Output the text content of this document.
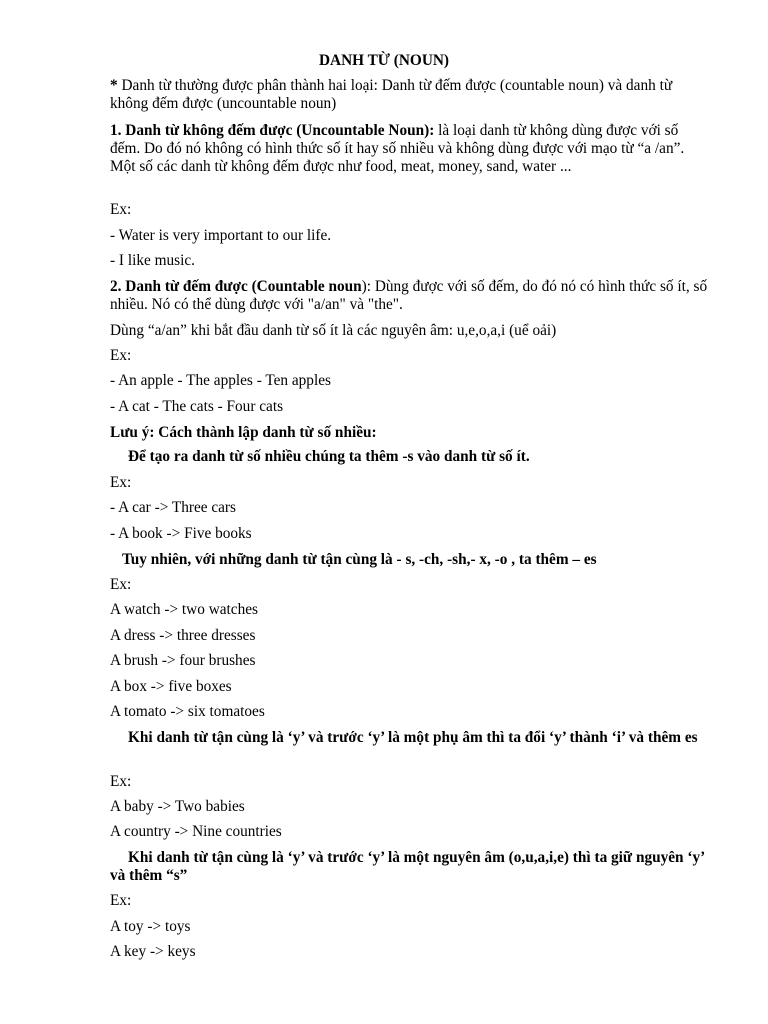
DANH TỪ (NOUN)
* Danh từ thường được phân thành hai loại: Danh từ đếm được (countable noun) và danh từ không đếm được (uncountable noun)
1. Danh từ không đếm được (Uncountable Noun): là loại danh từ không dùng được với số đếm. Do đó nó không có hình thức số ít hay số nhiều và không dùng được với mạo từ “a /an”. Một số các danh từ không đếm được như food, meat, money, sand, water ...
Ex:
- Water is very important to our life.
- I like music.
2. Danh từ đếm được (Countable noun): Dùng được với số đếm, do đó nó có hình thức số ít, số nhiều. Nó có thể dùng được với "a/an" và "the".
Dùng “a/an” khi bắt đầu danh từ số ít là các nguyên âm: u,e,o,a,i (uể oải)
Ex:
- An apple - The apples - Ten apples
- A cat - The cats - Four cats
Lưu ý: Cách thành lập danh từ số nhiều:
Để tạo ra danh từ số nhiều chúng ta thêm -s vào danh từ số ít.
Ex:
- A car -> Three cars
- A book -> Five books
Tuy nhiên, với những danh từ tận cùng là - s, -ch, -sh,- x, -o , ta thêm – es
Ex:
A watch -> two watches
A dress -> three dresses
A brush -> four brushes
A box -> five boxes
A tomato -> six tomatoes
Khi danh từ tận cùng là ‘y’ và trước ‘y’ là một phụ âm thì ta đổi ‘y’ thành ‘i’ và thêm es
Ex:
A baby -> Two babies
A country -> Nine countries
Khi danh từ tận cùng là ‘y’ và trước ‘y’ là một nguyên âm (o,u,a,i,e) thì ta giữ nguyên ‘y’ và thêm “s”
Ex:
A toy -> toys
A key -> keys
